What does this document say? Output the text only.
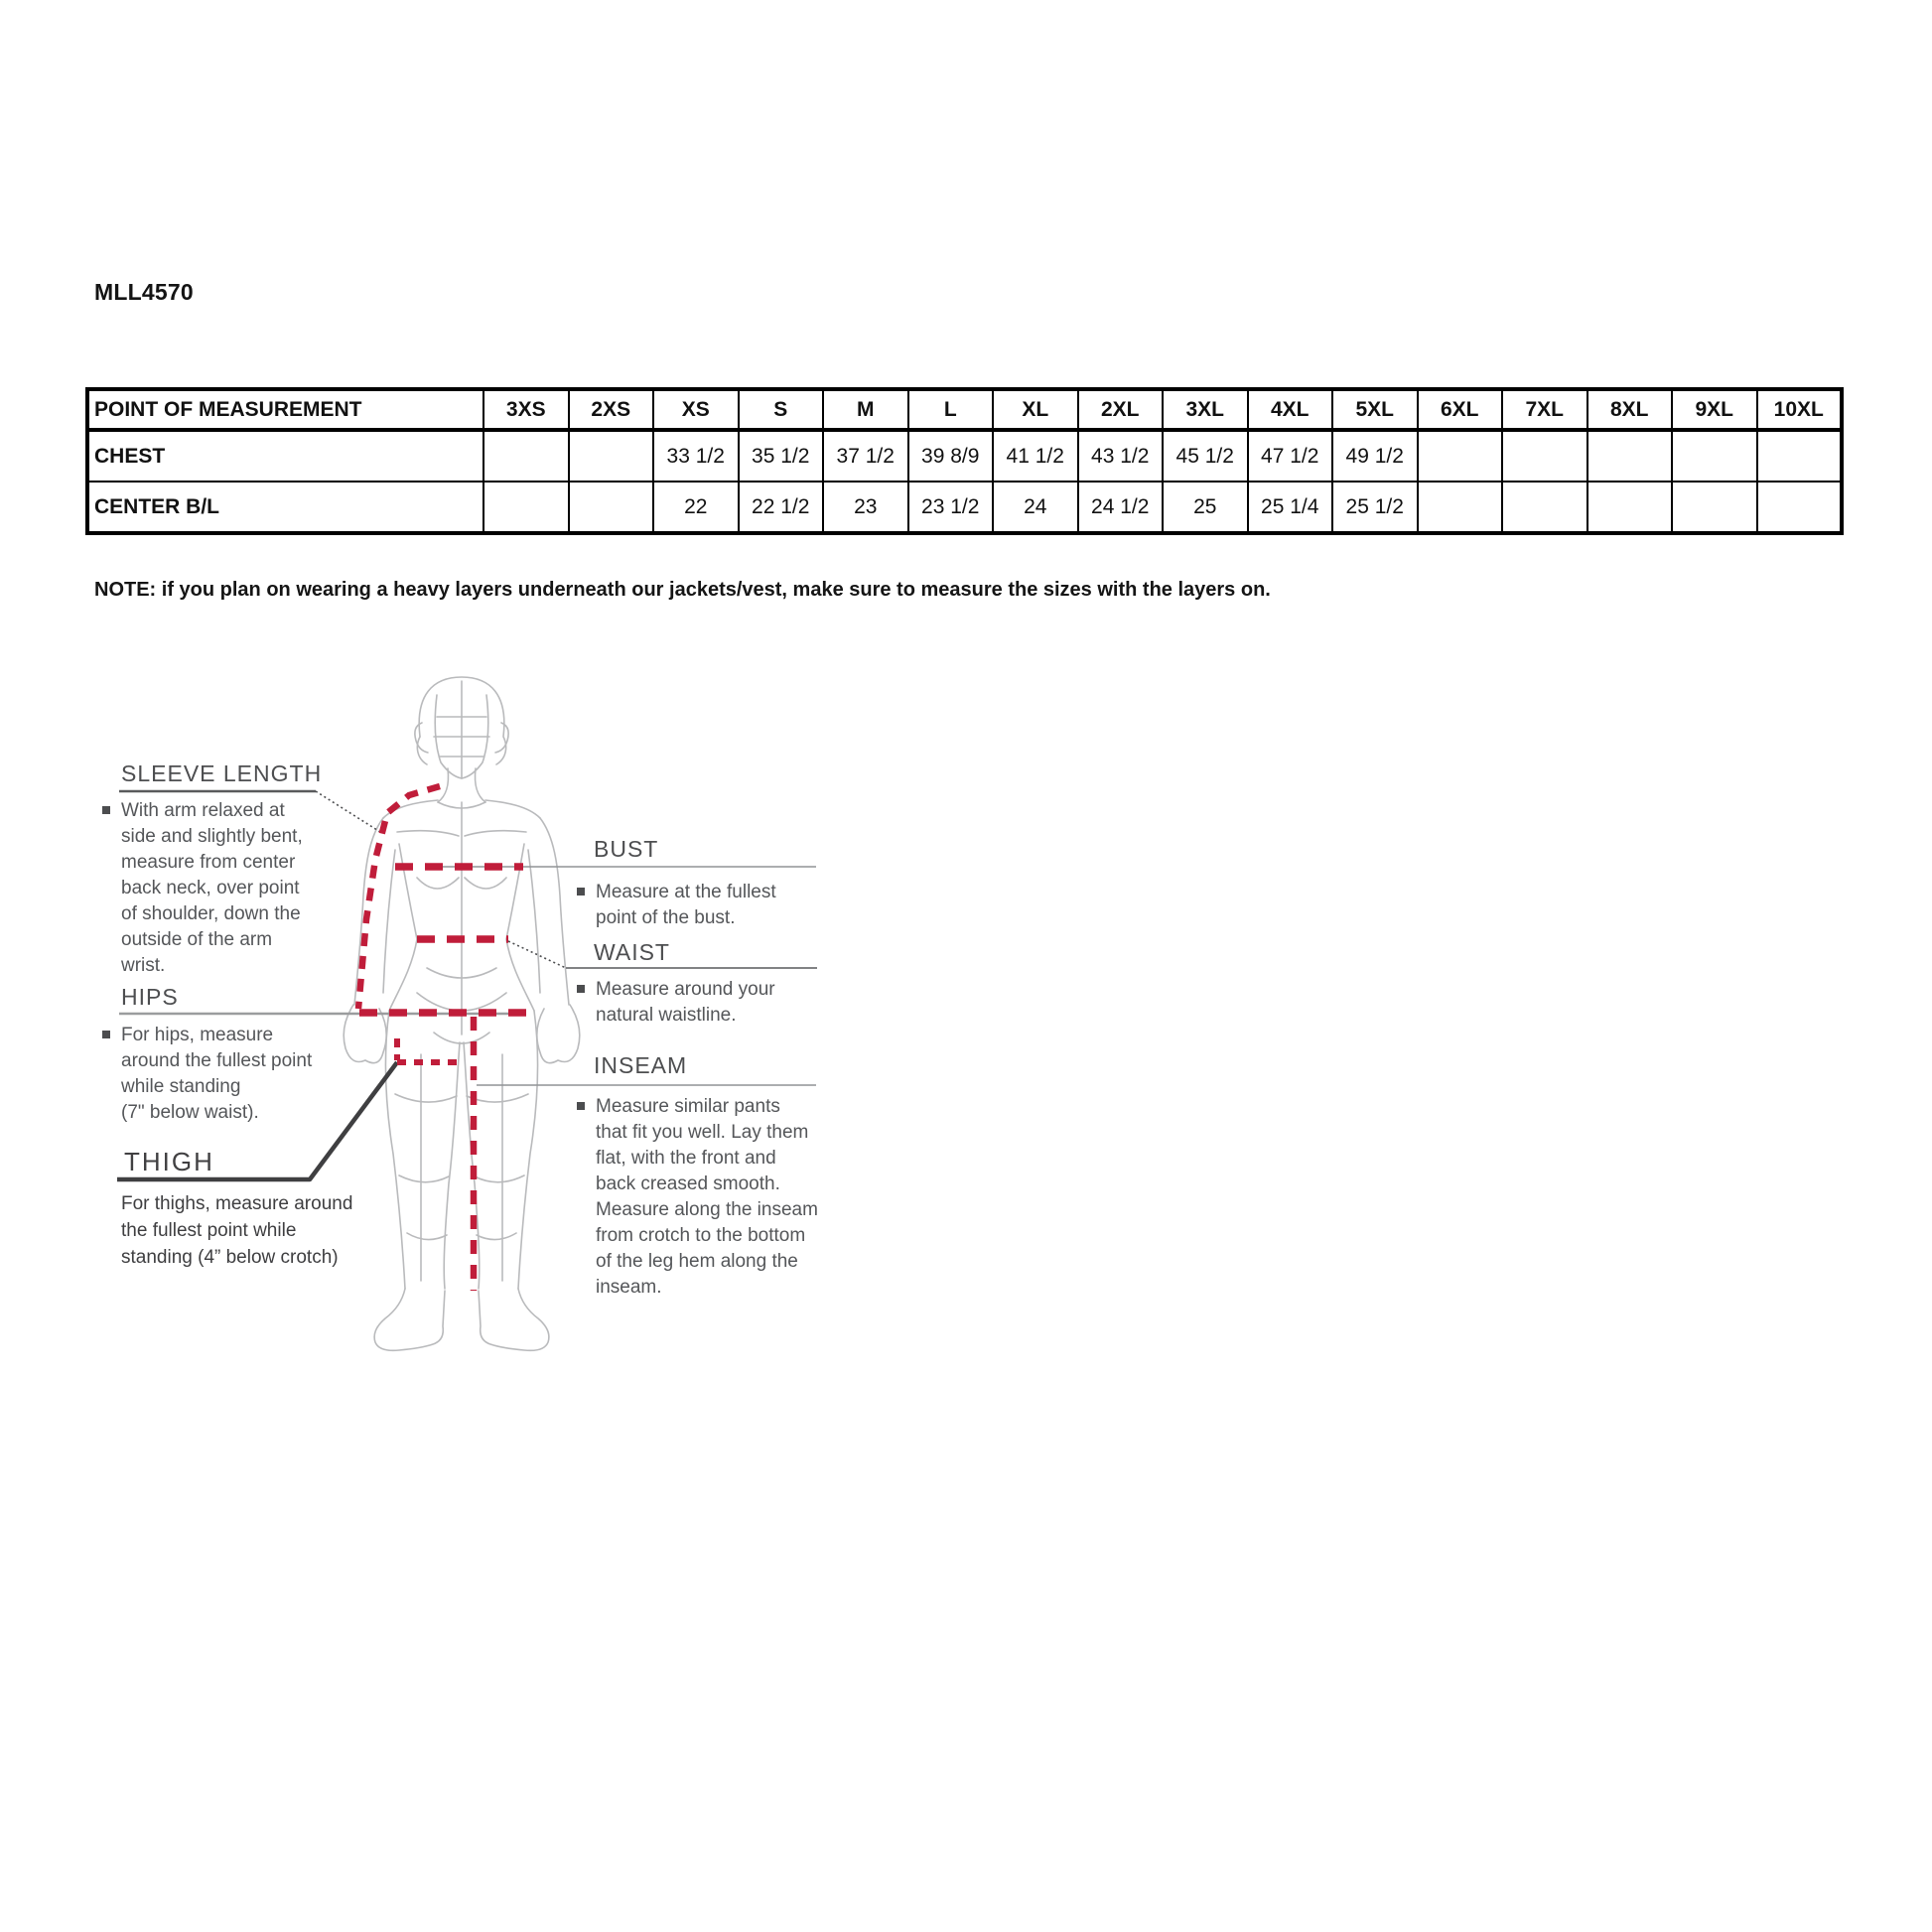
MLL4570
POINT OF MEASUREMENT	3XS	2XS	XS	S	M	L	XL	2XL	3XL	4XL	5XL	6XL	7XL	8XL	9XL	10XL
CHEST			33 1/2	35 1/2	37 1/2	39 8/9	41 1/2	43 1/2	45 1/2	47 1/2	49 1/2					
CENTER B/L			22	22 1/2	23	23 1/2	24	24 1/2	25	25 1/4	25 1/2					
NOTE: if you plan on wearing a heavy layers underneath our jackets/vest, make sure to measure the sizes with the layers on.
SLEEVE LENGTH
With arm relaxed at
side and slightly bent,
measure from center
back neck, over point
of shoulder, down the
outside of the arm
wrist.
HIPS
For hips, measure
around the fullest point
while standing
(7" below waist).
THIGH
For thighs, measure around
the fullest point while
standing (4” below crotch)
BUST
Measure at the fullest
point of the bust.
WAIST
Measure around your
natural waistline.
INSEAM
Measure similar pants
that fit you well. Lay them
flat, with the front and
back creased smooth.
Measure along the inseam
from crotch to the bottom
of the leg hem along the
inseam.
